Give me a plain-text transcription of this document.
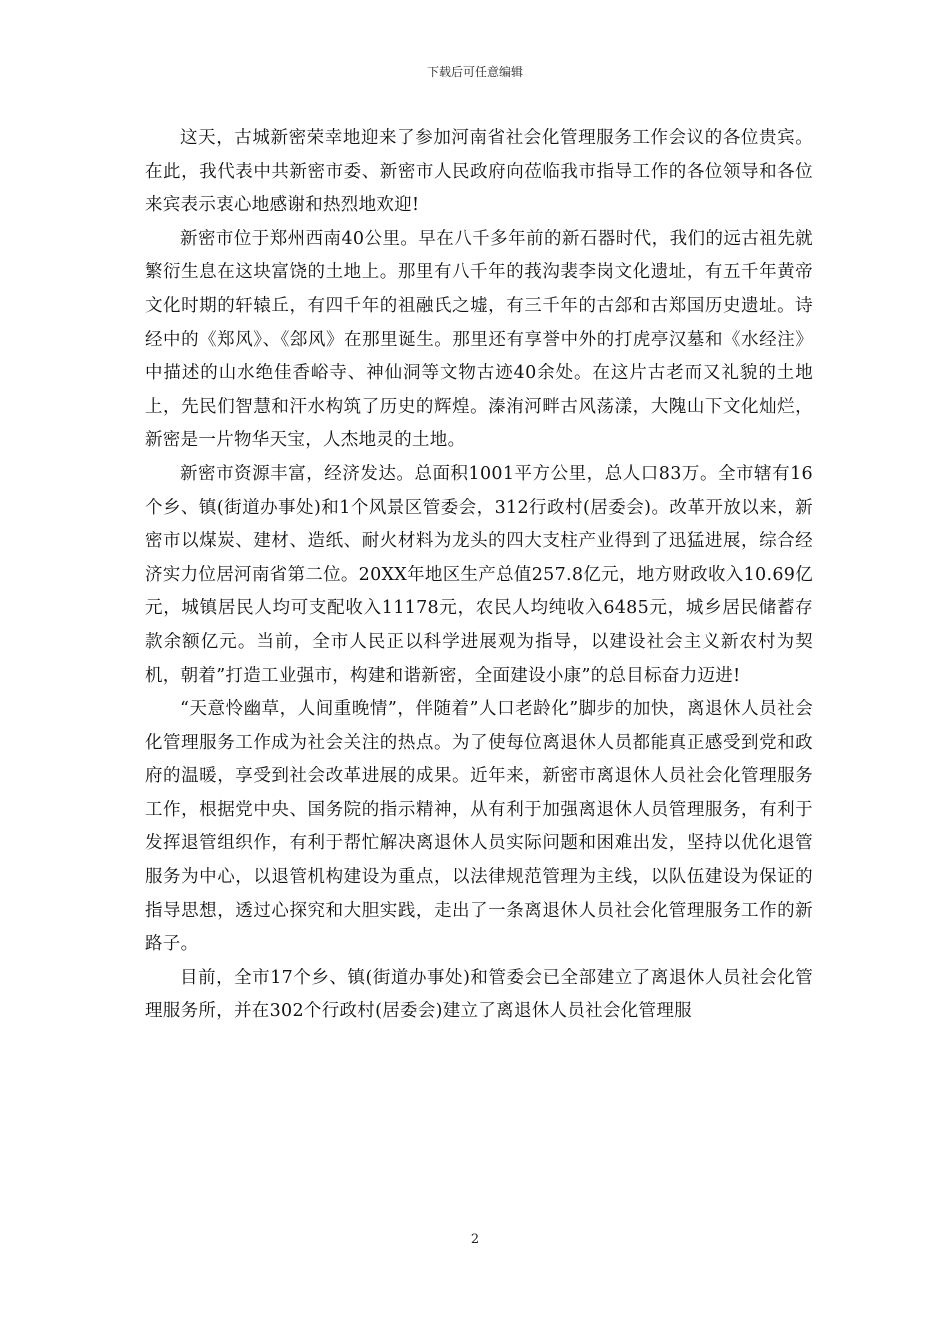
下载后可任意编辑

这天，古城新密荣幸地迎来了参加河南省社会化管理服务工作会议的各位贵宾。在此，我代表中共新密市委、新密市人民政府向莅临我市指导工作的各位领导和各位来宾表示衷心地感谢和热烈地欢迎!

新密市位于郑州西南40公里。早在八千多年前的新石器时代，我们的远古祖先就繁衍生息在这块富饶的土地上。那里有八千年的莪沟裴李岗文化遗址，有五千年黄帝文化时期的轩辕丘，有四千年的祖融氏之墟，有三千年的古郐和古郑国历史遗址。诗经中的《郑风》、《郐风》在那里诞生。那里还有享誉中外的打虎亭汉墓和《水经注》中描述的山水绝佳香峪寺、神仙洞等文物古迹40余处。在这片古老而又礼貌的土地上，先民们智慧和汗水构筑了历史的辉煌。溱洧河畔古风荡漾，大隗山下文化灿烂，新密是一片物华天宝，人杰地灵的土地。

新密市资源丰富，经济发达。总面积1001平方公里，总人口83万。全市辖有16个乡、镇(街道办事处)和1个风景区管委会，312行政村(居委会)。改革开放以来，新密市以煤炭、建材、造纸、耐火材料为龙头的四大支柱产业得到了迅猛进展，综合经济实力位居河南省第二位。20XX年地区生产总值257.8亿元，地方财政收入10.69亿元，城镇居民人均可支配收入11178元，农民人均纯收入6485元，城乡居民储蓄存款余额亿元。当前，全市人民正以科学进展观为指导，以建设社会主义新农村为契机，朝着”打造工业强市，构建和谐新密，全面建设小康”的总目标奋力迈进!

“天意怜幽草，人间重晚情”，伴随着”人口老龄化”脚步的加快，离退休人员社会化管理服务工作成为社会关注的热点。为了使每位离退休人员都能真正感受到党和政府的温暖，享受到社会改革进展的成果。近年来，新密市离退休人员社会化管理服务工作，根据党中央、国务院的指示精神，从有利于加强离退休人员管理服务，有利于发挥退管组织作，有利于帮忙解决离退休人员实际问题和困难出发，坚持以优化退管服务为中心，以退管机构建设为重点，以法律规范管理为主线，以队伍建设为保证的指导思想，透过心探究和大胆实践，走出了一条离退休人员社会化管理服务工作的新路子。

目前，全市17个乡、镇(街道办事处)和管委会已全部建立了离退休人员社会化管理服务所，并在302个行政村(居委会)建立了离退休人员社会化管理服

2
